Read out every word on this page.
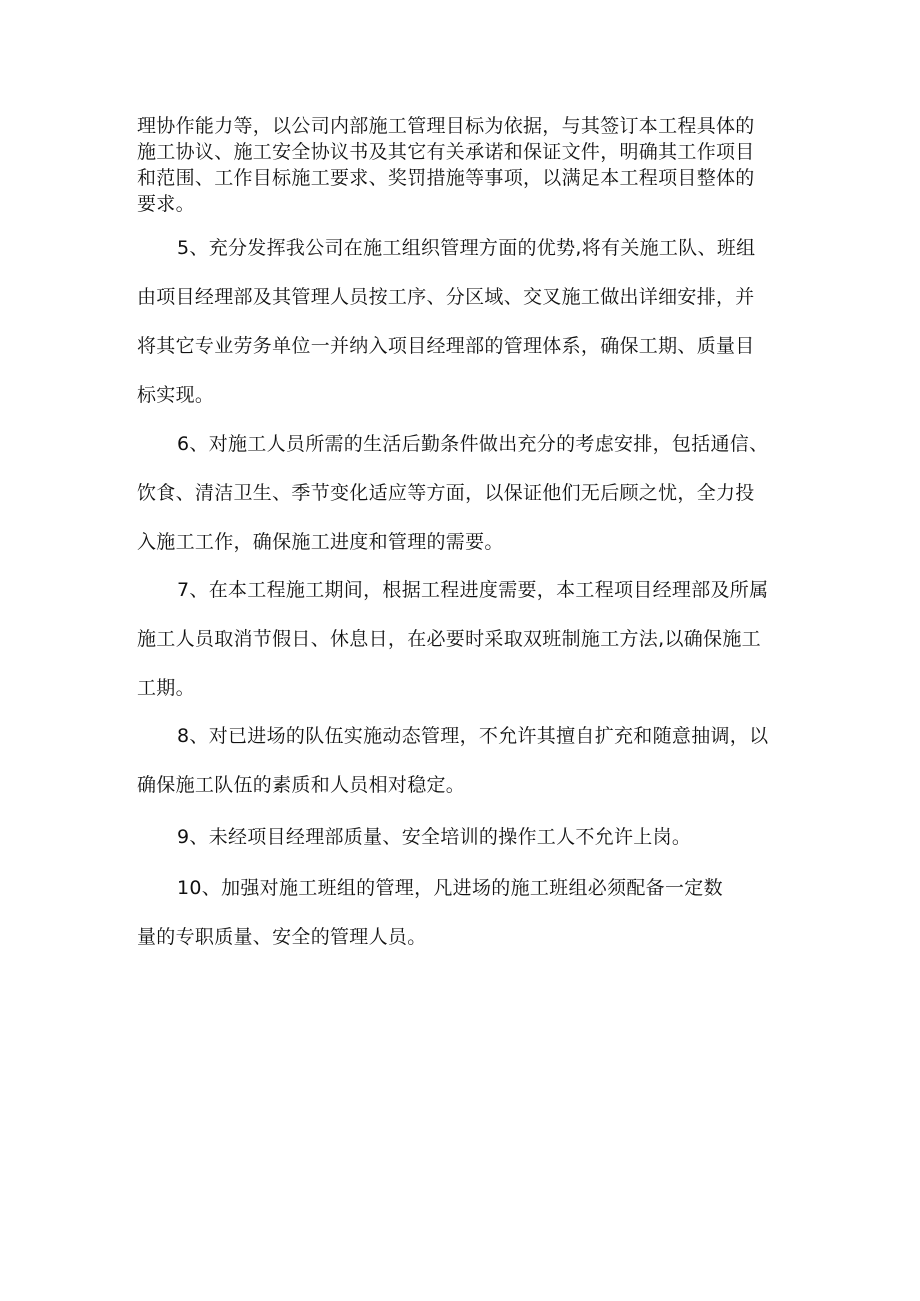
理协作能力等，以公司内部施工管理目标为依据，与其签订本工程具体的

施工协议、施工安全协议书及其它有关承诺和保证文件，明确其工作项目

和范围、工作目标施工要求、奖罚措施等事项，以满足本工程项目整体的

要求。

5、充分发挥我公司在施工组织管理方面的优势,将有关施工队、班组

由项目经理部及其管理人员按工序、分区域、交叉施工做出详细安排，并

将其它专业劳务单位一并纳入项目经理部的管理体系，确保工期、质量目

标实现。

6、对施工人员所需的生活后勤条件做出充分的考虑安排，包括通信、

饮食、清洁卫生、季节变化适应等方面，以保证他们无后顾之忧，全力投

入施工工作，确保施工进度和管理的需要。

7、在本工程施工期间，根据工程进度需要，本工程项目经理部及所属

施工人员取消节假日、休息日，在必要时采取双班制施工方法,以确保施工

工期。

8、对已进场的队伍实施动态管理，不允许其擅自扩充和随意抽调，以

确保施工队伍的素质和人员相对稳定。

9、未经项目经理部质量、安全培训的操作工人不允许上岗。

10、加强对施工班组的管理，凡进场的施工班组必须配备一定数

量的专职质量、安全的管理人员。
